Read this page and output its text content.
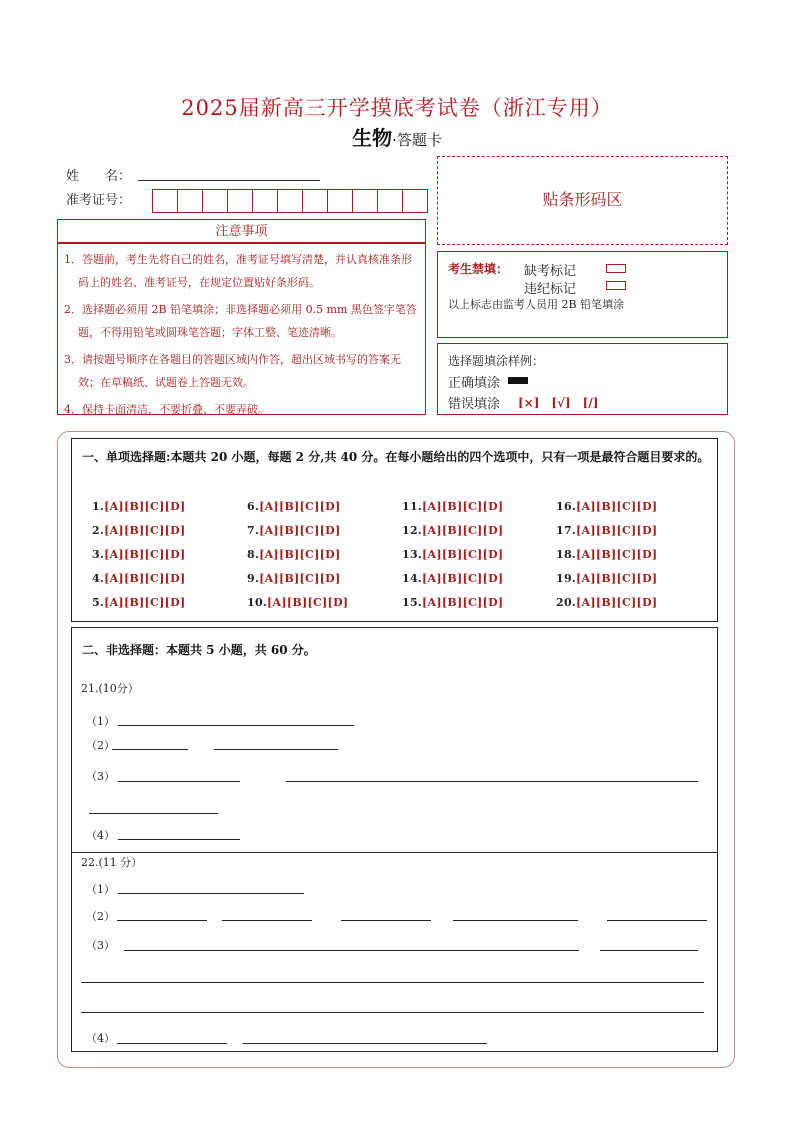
2025届新高三开学摸底考试卷（浙江专用）
生物·答题卡
姓　　名：
准考证号：
注意事项

1．答题前，考生先将自己的姓名，准考证号填写清楚，并认真核准条形码上的姓名、准考证号，在规定位置贴好条形码。

2．选择题必须用 2B 铅笔填涂；非选择题必须用 0.5 mm 黑色签字笔答题，不得用铅笔或圆珠笔答题；字体工整、笔迹清晰。

3．请按题号顺序在各题目的答题区域内作答，超出区域书写的答案无效；在草稿纸、试题卷上答题无效。

4．保持卡面清洁，不要折叠、不要弄破。

贴条形码区
考生禁填： 缺考标记
违纪标记
以上标志由监考人员用 2B 铅笔填涂
选择题填涂样例：
正确填涂
错误填涂 [×]　[√]　[/]
一、单项选择题:本题共 20 小题，每题 2 分,共 40 分。在每小题给出的四个选项中，只有一项是最符合题目要求的。
1.[A][B][C][D]
2.[A][B][C][D]
3.[A][B][C][D]
4.[A][B][C][D]
5.[A][B][C][D]
6.[A][B][C][D]
7.[A][B][C][D]
8.[A][B][C][D]
9.[A][B][C][D]
10.[A][B][C][D]
11.[A][B][C][D]
12.[A][B][C][D]
13.[A][B][C][D]
14.[A][B][C][D]
15.[A][B][C][D]
16.[A][B][C][D]
17.[A][B][C][D]
18.[A][B][C][D]
19.[A][B][C][D]
20.[A][B][C][D]
二、非选择题：本题共 5 小题，共 60 分。
21.(10分）
（1）
（2）
（3）
（4）
22.(11 分）
（1）
（2）
（3）
（4）
